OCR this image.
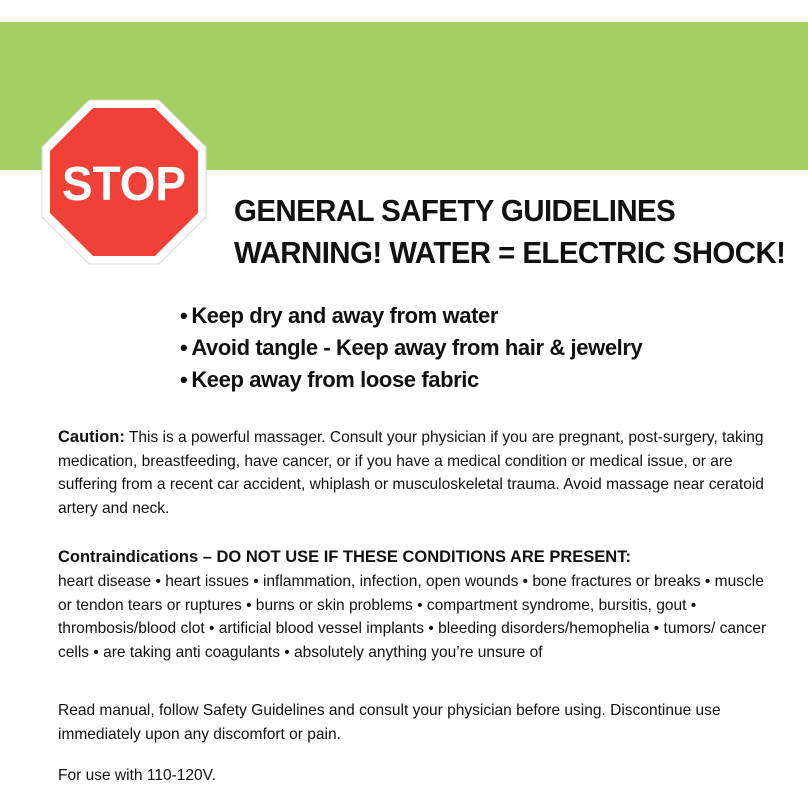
STOP GENERAL SAFETY GUIDELINES
WARNING! WATER = ELECTRIC SHOCK!
• Keep dry and away from water
• Avoid tangle - Keep away from hair & jewelry
• Keep away from loose fabric

Caution: This is a powerful massager. Consult your physician if you are pregnant, post-surgery, taking medication, breastfeeding, have cancer, or if you have a medical condition or medical issue, or are suffering from a recent car accident, whiplash or musculoskeletal trauma. Avoid massage near ceratoid artery and neck.

Contraindications – DO NOT USE IF THESE CONDITIONS ARE PRESENT:

heart disease • heart issues • inflammation, infection, open wounds • bone fractures or breaks • muscle or tendon tears or ruptures • burns or skin problems • compartment syndrome, bursitis, gout • thrombosis/blood clot • artificial blood vessel implants • bleeding disorders/hemophelia • tumors/ cancer cells • are taking anti coagulants • absolutely anything you’re unsure of

Read manual, follow Safety Guidelines and consult your physician before using. Discontinue use immediately upon any discomfort or pain.

For use with 110-120V.
